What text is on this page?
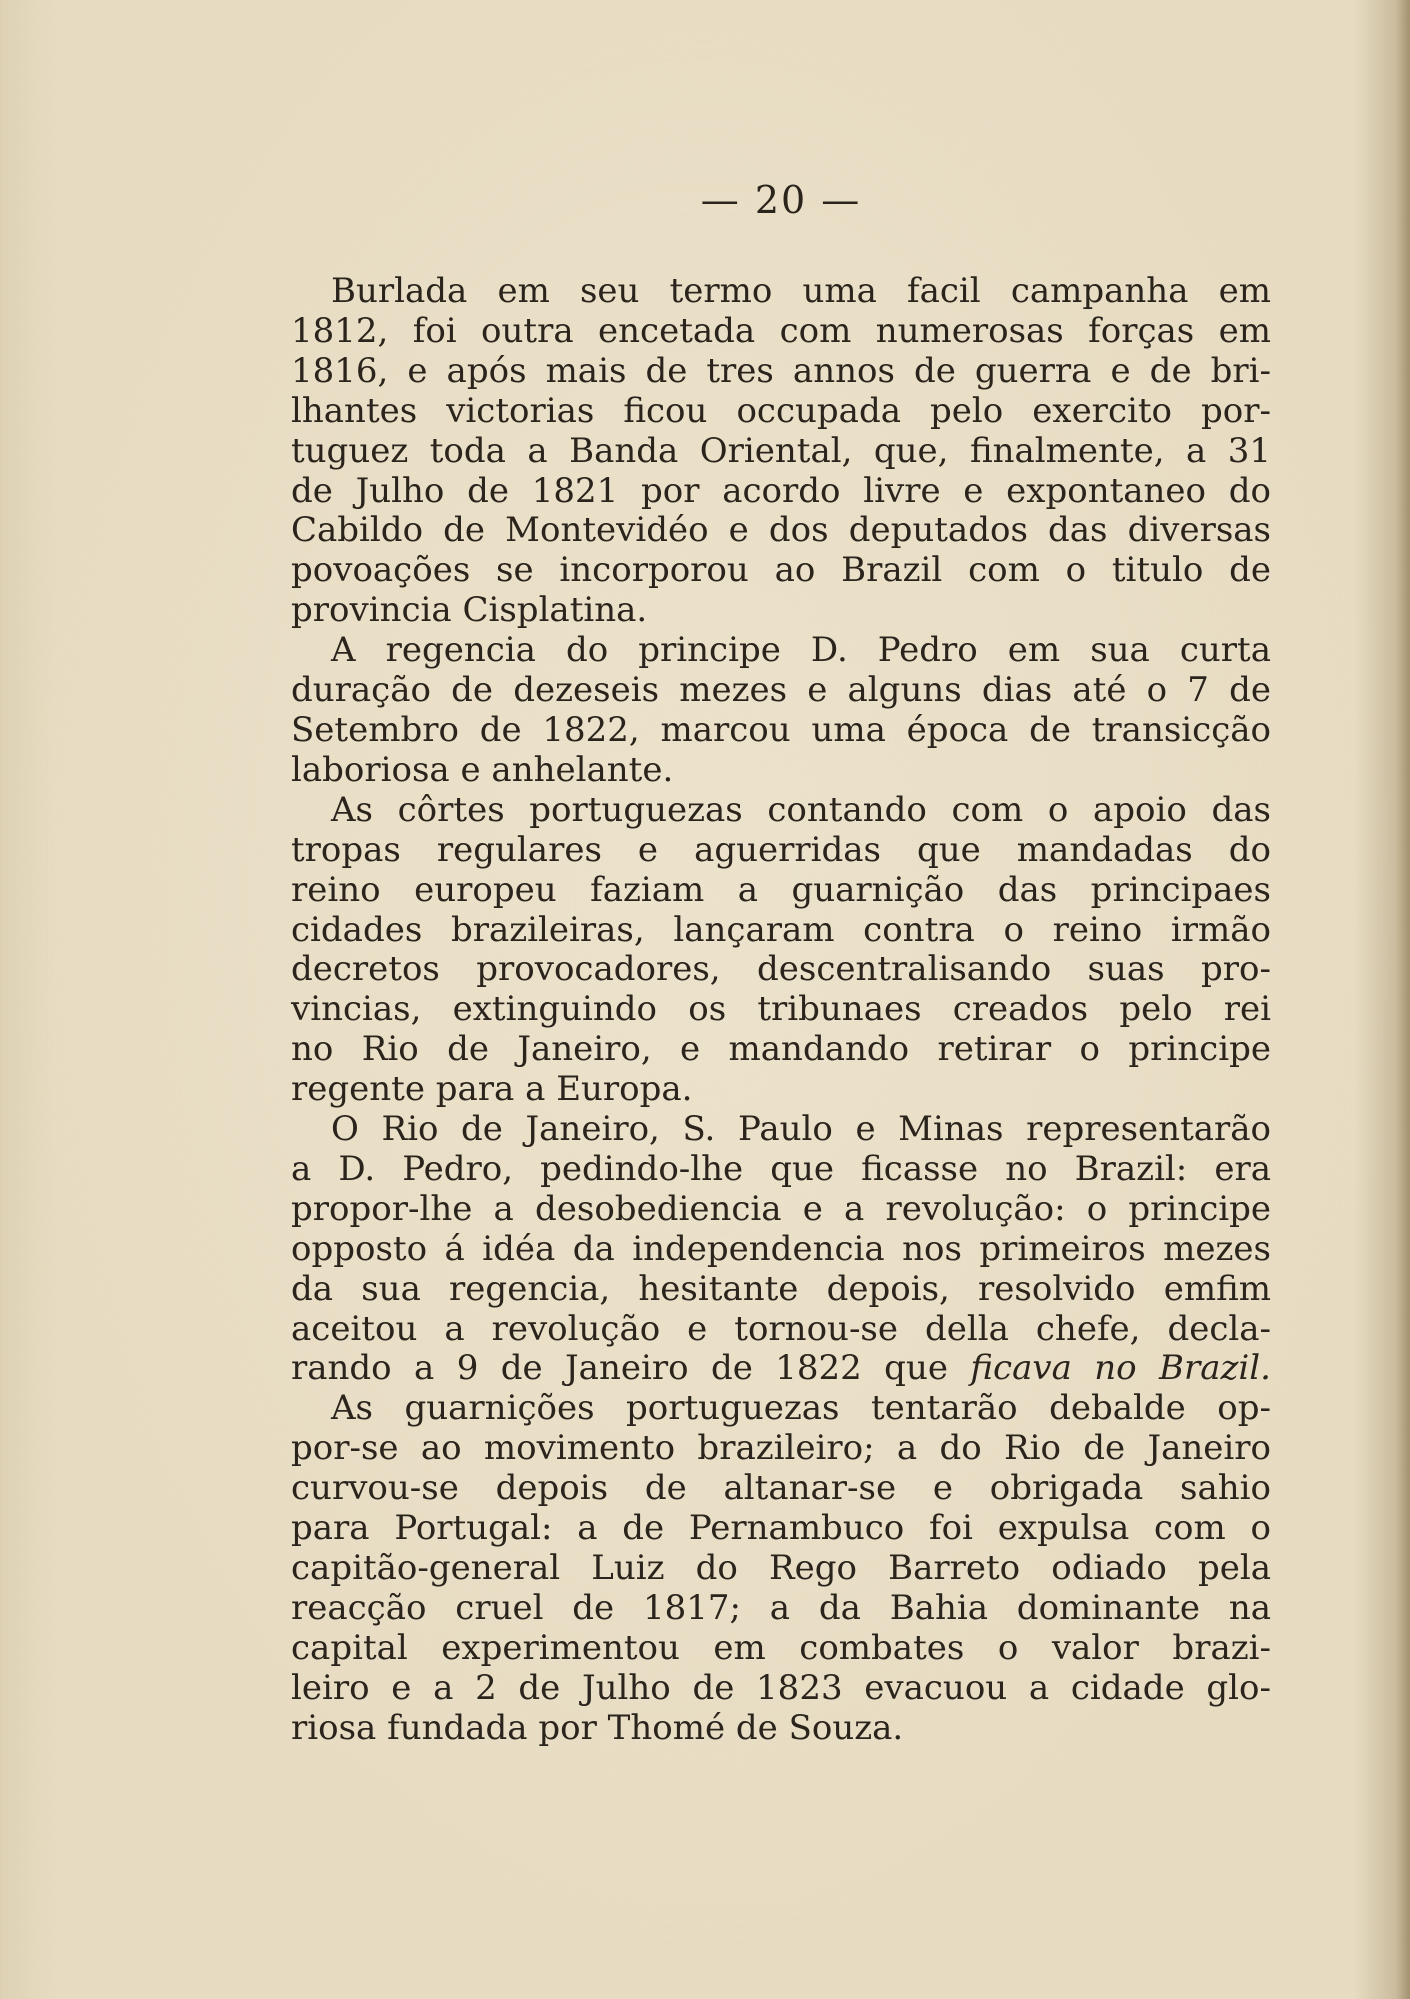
— 20 —
Burlada em seu termo uma facil campanha em
1812, foi outra encetada com numerosas forças em
1816, e após mais de tres annos de guerra e de bri-
lhantes victorias ficou occupada pelo exercito por-
tuguez toda a Banda Oriental, que, finalmente, a 31
de Julho de 1821 por acordo livre e expontaneo do
Cabildo de Montevidéo e dos deputados das diversas
povoações se incorporou ao Brazil com o titulo de
provincia Cisplatina.
A regencia do principe D. Pedro em sua curta
duração de dezeseis mezes e alguns dias até o 7 de
Setembro de 1822, marcou uma época de transicção
laboriosa e anhelante.
As côrtes portuguezas contando com o apoio das
tropas regulares e aguerridas que mandadas do
reino europeu faziam a guarnição das principaes
cidades brazileiras, lançaram contra o reino irmão
decretos provocadores, descentralisando suas pro-
vincias, extinguindo os tribunaes creados pelo rei
no Rio de Janeiro, e mandando retirar o principe
regente para a Europa.
O Rio de Janeiro, S. Paulo e Minas representarão
a D. Pedro, pedindo-lhe que ficasse no Brazil: era
propor-lhe a desobediencia e a revolução: o principe
opposto á idéa da independencia nos primeiros mezes
da sua regencia, hesitante depois, resolvido emfim
aceitou a revolução e tornou-se della chefe, decla-
rando a 9 de Janeiro de 1822 que ficava no Brazil.
As guarnições portuguezas tentarão debalde op-
por-se ao movimento brazileiro; a do Rio de Janeiro
curvou-se depois de altanar-se e obrigada sahio
para Portugal: a de Pernambuco foi expulsa com o
capitão-general Luiz do Rego Barreto odiado pela
reacção cruel de 1817; a da Bahia dominante na
capital experimentou em combates o valor brazi-
leiro e a 2 de Julho de 1823 evacuou a cidade glo-
riosa fundada por Thomé de Souza.
